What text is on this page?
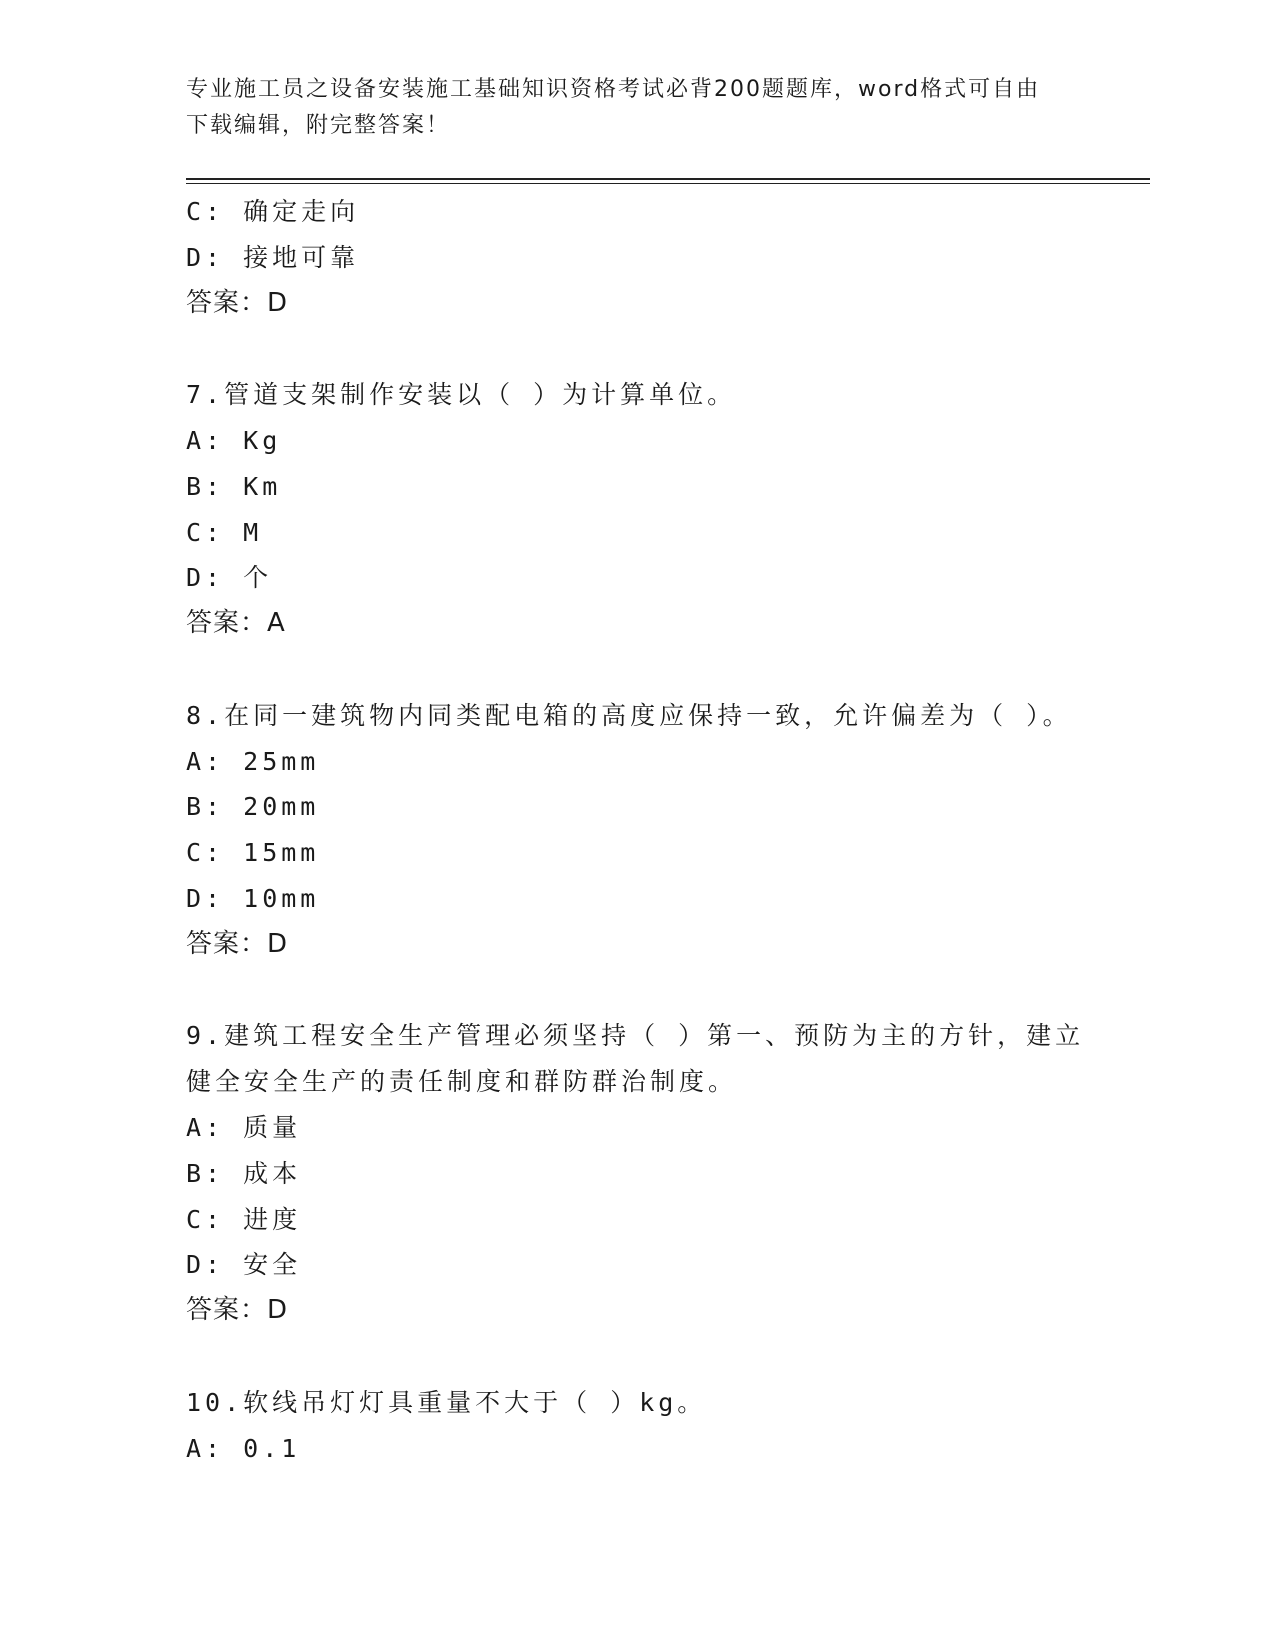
专业施工员之设备安装施工基础知识资格考试必背200题题库，word格式可自由
下载编辑，附完整答案！
C: 确定走向
D: 接地可靠
答案：D
7.管道支架制作安装以（ ）为计算单位。
A: Kg
B: Km
C: M
D: 个
答案：A
8.在同一建筑物内同类配电箱的高度应保持一致，允许偏差为（ ）。
A: 25mm
B: 20mm
C: 15mm
D: 10mm
答案：D
9.建筑工程安全生产管理必须坚持（ ）第一、预防为主的方针，建立
健全安全生产的责任制度和群防群治制度。
A: 质量
B: 成本
C: 进度
D: 安全
答案：D
10.软线吊灯灯具重量不大于（ ）kg。
A: 0.1
